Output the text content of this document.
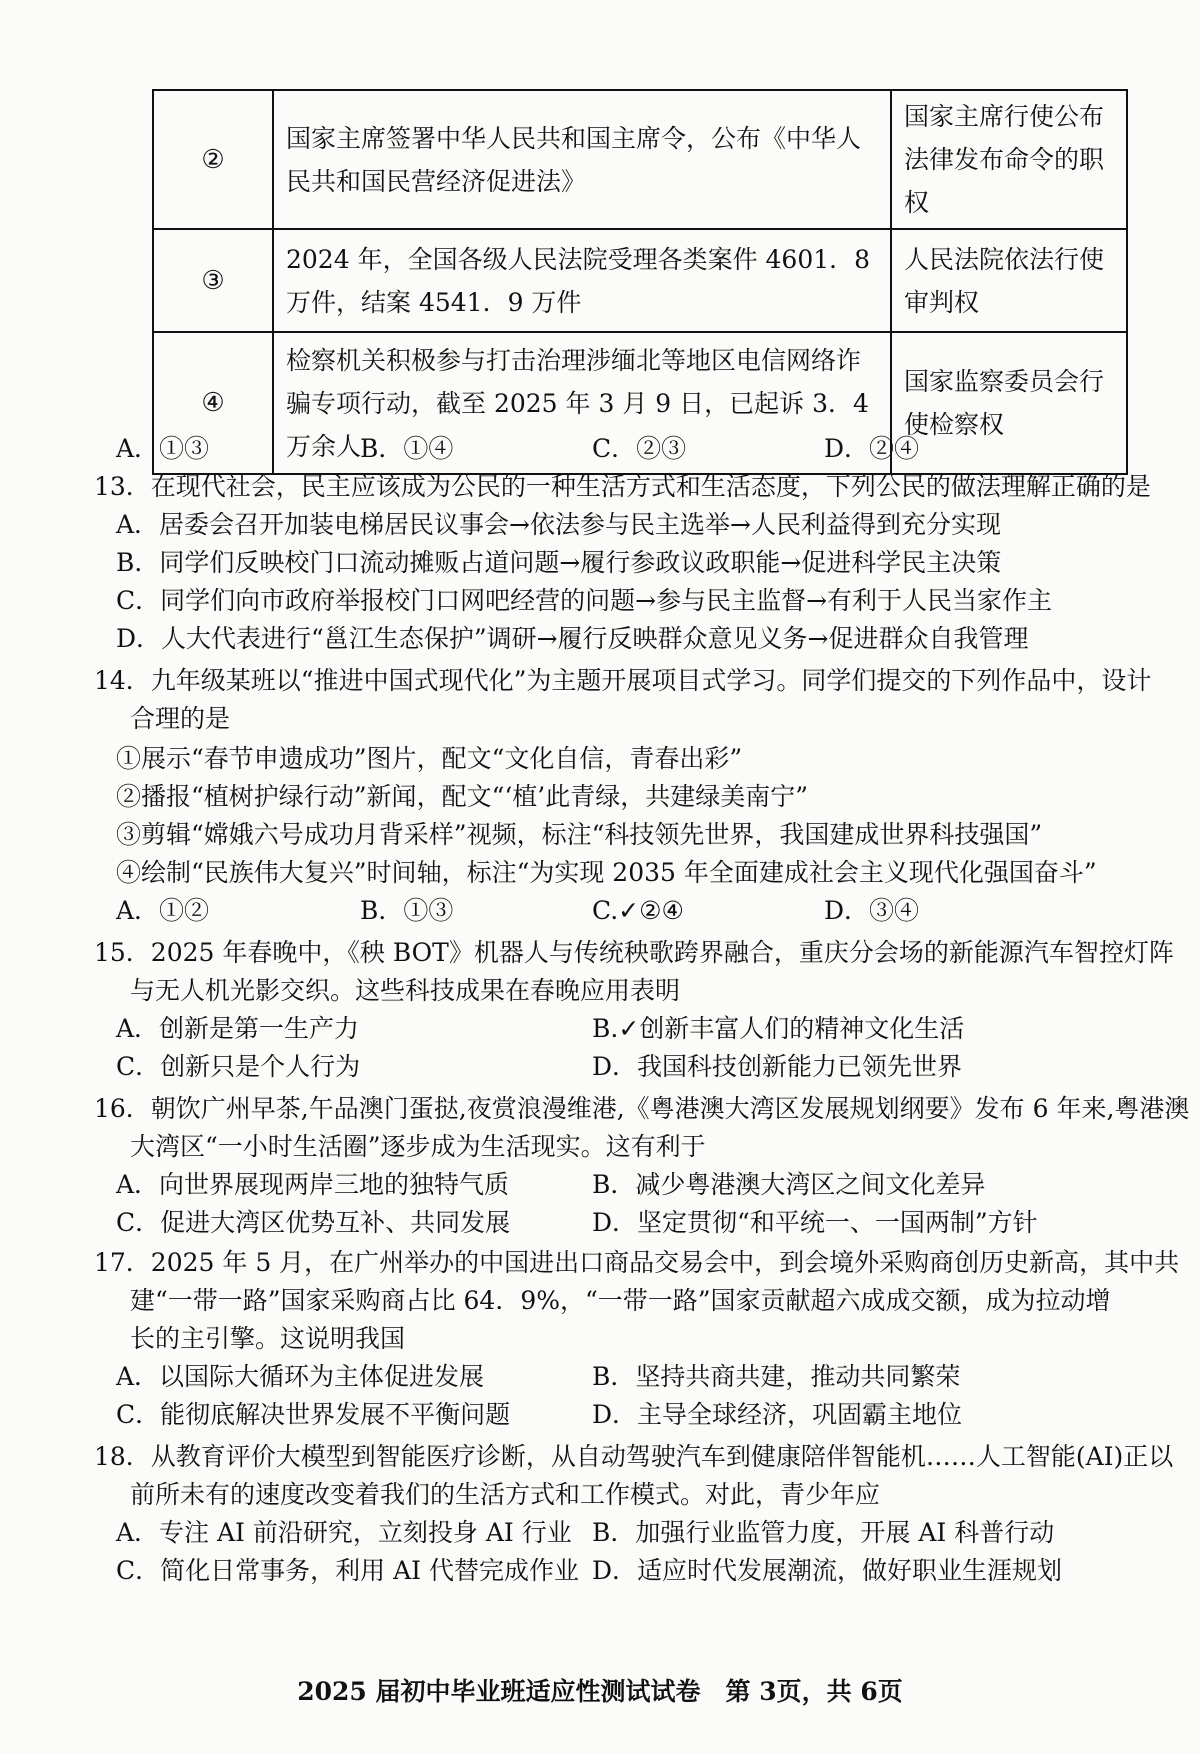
②	国家主席签署中华人民共和国主席令，公布《中华人民共和国民营经济促进法》	国家主席行使公布法律发布命令的职权
③	2024 年，全国各级人民法院受理各类案件 4601．8 万件，结案 4541．9 万件	人民法院依法行使审判权
④	检察机关积极参与打击治理涉缅北等地区电信网络诈骗专项行动，截至 2025 年 3 月 9 日，已起诉 3．4 万余人	国家监察委员会行使检察权
A．①③	B．①④	C．②③	D．②④
13．在现代社会，民主应该成为公民的一种生活方式和生活态度，下列公民的做法理解正确的是
A．居委会召开加装电梯居民议事会→依法参与民主选举→人民利益得到充分实现
B．同学们反映校门口流动摊贩占道问题→履行参政议政职能→促进科学民主决策
C．同学们向市政府举报校门口网吧经营的问题→参与民主监督→有利于人民当家作主
D．人大代表进行“邕江生态保护”调研→履行反映群众意见义务→促进群众自我管理
14．九年级某班以“推进中国式现代化”为主题开展项目式学习。同学们提交的下列作品中，设计
合理的是
①展示“春节申遗成功”图片，配文“文化自信，青春出彩”
②播报“植树护绿行动”新闻，配文“‘植’此青绿，共建绿美南宁”
③剪辑“嫦娥六号成功月背采样”视频，标注“科技领先世界，我国建成世界科技强国”
④绘制“民族伟大复兴”时间轴，标注“为实现 2035 年全面建成社会主义现代化强国奋斗”
A．①②	B．①③	C.✓②④	D．③④
15．2025 年春晚中，《秧 BOT》机器人与传统秧歌跨界融合，重庆分会场的新能源汽车智控灯阵
与无人机光影交织。这些科技成果在春晚应用表明
A．创新是第一生产力	B.✓创新丰富人们的精神文化生活
C．创新只是个人行为	D．我国科技创新能力已领先世界
16．朝饮广州早茶,午品澳门蛋挞,夜赏浪漫维港,《粤港澳大湾区发展规划纲要》发布 6 年来,粤港澳
大湾区“一小时生活圈”逐步成为生活现实。这有利于
A．向世界展现两岸三地的独特气质	B．减少粤港澳大湾区之间文化差异
C．促进大湾区优势互补、共同发展	D．坚定贯彻“和平统一、一国两制”方针
17．2025 年 5 月，在广州举办的中国进出口商品交易会中，到会境外采购商创历史新高，其中共
建“一带一路”国家采购商占比 64．9%，“一带一路”国家贡献超六成成交额，成为拉动增
长的主引擎。这说明我国
A．以国际大循环为主体促进发展	B．坚持共商共建，推动共同繁荣
C．能彻底解决世界发展不平衡问题	D．主导全球经济，巩固霸主地位
18．从教育评价大模型到智能医疗诊断，从自动驾驶汽车到健康陪伴智能机……人工智能(AI)正以
前所未有的速度改变着我们的生活方式和工作模式。对此，青少年应
A．专注 AI 前沿研究，立刻投身 AI 行业 B．加强行业监管力度，开展 AI 科普行动
C．简化日常事务，利用 AI 代替完成作业 D．适应时代发展潮流，做好职业生涯规划
2025 届初中毕业班适应性测试试卷　第 3页，共 6页
